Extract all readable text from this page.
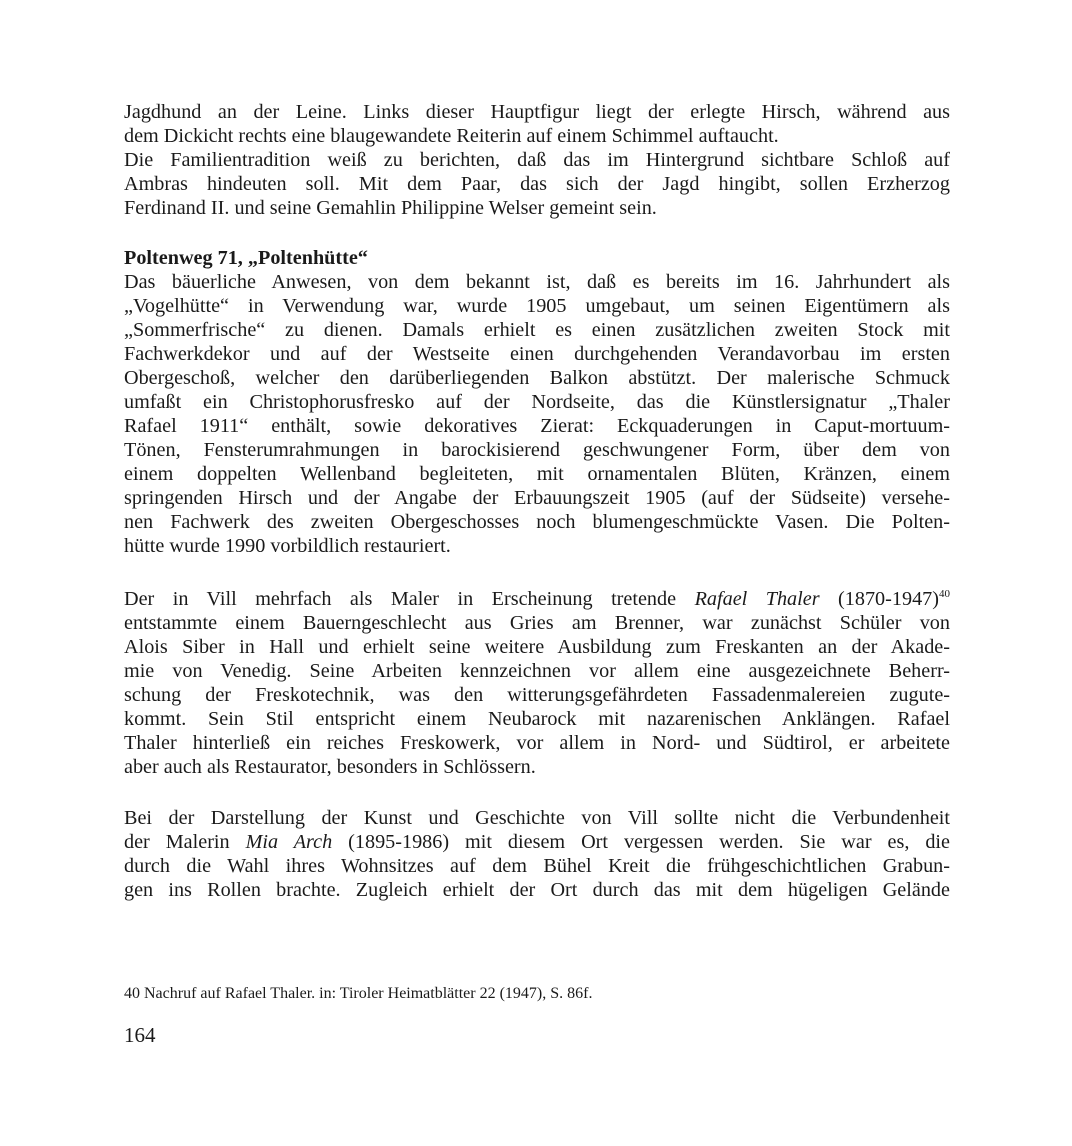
Jagdhund an der Leine. Links dieser Hauptfigur liegt der erlegte Hirsch, während aus
dem Dickicht rechts eine blaugewandete Reiterin auf einem Schimmel auftaucht.
Die Familientradition weiß zu berichten, daß das im Hintergrund sichtbare Schloß auf
Ambras hindeuten soll. Mit dem Paar, das sich der Jagd hingibt, sollen Erzherzog
Ferdinand II. und seine Gemahlin Philippine Welser gemeint sein.
Poltenweg 71, „Poltenhütte“
Das bäuerliche Anwesen, von dem bekannt ist, daß es bereits im 16. Jahrhundert als
„Vogelhütte“ in Verwendung war, wurde 1905 umgebaut, um seinen Eigentümern als
„Sommerfrische“ zu dienen. Damals erhielt es einen zusätzlichen zweiten Stock mit
Fachwerkdekor und auf der Westseite einen durchgehenden Verandavorbau im ersten
Obergeschoß, welcher den darüberliegenden Balkon abstützt. Der malerische Schmuck
umfaßt ein Christophorusfresko auf der Nordseite, das die Künstlersignatur „Thaler
Rafael 1911“ enthält, sowie dekoratives Zierat: Eckquaderungen in Caput-mortuum-
Tönen, Fensterumrahmungen in barockisierend geschwungener Form, über dem von
einem doppelten Wellenband begleiteten, mit ornamentalen Blüten, Kränzen, einem
springenden Hirsch und der Angabe der Erbauungszeit 1905 (auf der Südseite) versehe-
nen Fachwerk des zweiten Obergeschosses noch blumengeschmückte Vasen. Die Polten-
hütte wurde 1990 vorbildlich restauriert.
Der in Vill mehrfach als Maler in Erscheinung tretende Rafael Thaler (1870-1947)$^{40}$
entstammte einem Bauerngeschlecht aus Gries am Brenner, war zunächst Schüler von
Alois Siber in Hall und erhielt seine weitere Ausbildung zum Freskanten an der Akade-
mie von Venedig. Seine Arbeiten kennzeichnen vor allem eine ausgezeichnete Beherr-
schung der Freskotechnik, was den witterungsgefährdeten Fassadenmalereien zugute-
kommt. Sein Stil entspricht einem Neubarock mit nazarenischen Anklängen. Rafael
Thaler hinterließ ein reiches Freskowerk, vor allem in Nord- und Südtirol, er arbeitete
aber auch als Restaurator, besonders in Schlössern.
Bei der Darstellung der Kunst und Geschichte von Vill sollte nicht die Verbundenheit
der Malerin Mia Arch (1895-1986) mit diesem Ort vergessen werden. Sie war es, die
durch die Wahl ihres Wohnsitzes auf dem Bühel Kreit die frühgeschichtlichen Grabun-
gen ins Rollen brachte. Zugleich erhielt der Ort durch das mit dem hügeligen Gelände
40 Nachruf auf Rafael Thaler. in: Tiroler Heimatblätter 22 (1947), S. 86f.
164
